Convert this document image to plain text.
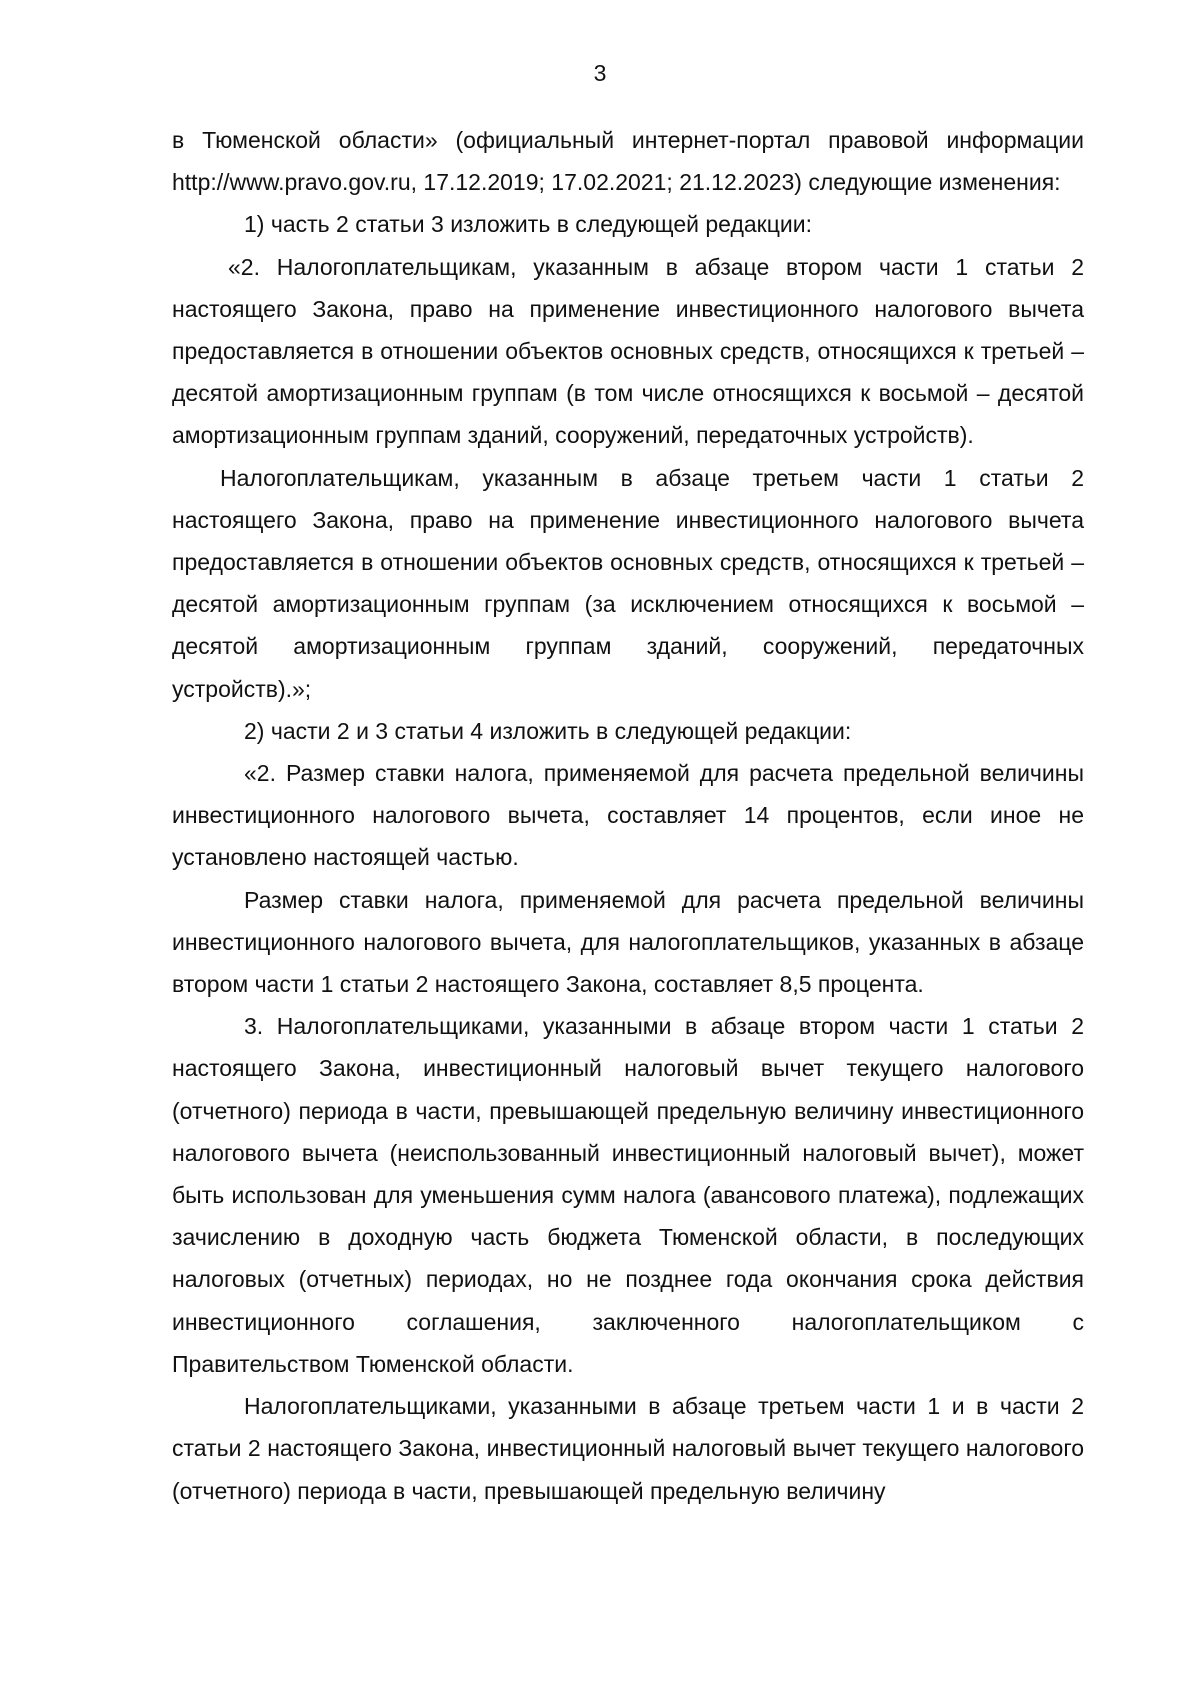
3

в Тюменской области» (официальный интернет-портал правовой информации http://www.pravo.gov.ru, 17.12.2019; 17.02.2021; 21.12.2023) следующие изменения:

1) часть 2 статьи 3 изложить в следующей редакции:

«2. Налогоплательщикам, указанным в абзаце втором части 1 статьи 2 настоящего Закона, право на применение инвестиционного налогового вычета предоставляется в отношении объектов основных средств, относящихся к третьей – десятой амортизационным группам (в том числе относящихся к восьмой – десятой амортизационным группам зданий, сооружений, передаточных устройств).

Налогоплательщикам, указанным в абзаце третьем части 1 статьи 2 настоящего Закона, право на применение инвестиционного налогового вычета предоставляется в отношении объектов основных средств, относящихся к третьей – десятой амортизационным группам (за исключением относящихся к восьмой – десятой амортизационным группам зданий, сооружений, передаточных устройств).»;

2) части 2 и 3 статьи 4 изложить в следующей редакции:

«2. Размер ставки налога, применяемой для расчета предельной величины инвестиционного налогового вычета, составляет 14 процентов, если иное не установлено настоящей частью.

Размер ставки налога, применяемой для расчета предельной величины инвестиционного налогового вычета, для налогоплательщиков, указанных в абзаце втором части 1 статьи 2 настоящего Закона, составляет 8,5 процента.

3. Налогоплательщиками, указанными в абзаце втором части 1 статьи 2 настоящего Закона, инвестиционный налоговый вычет текущего налогового (отчетного) периода в части, превышающей предельную величину инвестиционного налогового вычета (неиспользованный инвестиционный налоговый вычет), может быть использован для уменьшения сумм налога (авансового платежа), подлежащих зачислению в доходную часть бюджета Тюменской области, в последующих налоговых (отчетных) периодах, но не позднее года окончания срока действия инвестиционного соглашения, заключенного налогоплательщиком с Правительством Тюменской области.

Налогоплательщиками, указанными в абзаце третьем части 1 и в части 2 статьи 2 настоящего Закона, инвестиционный налоговый вычет текущего налогового (отчетного) периода в части, превышающей предельную величину
